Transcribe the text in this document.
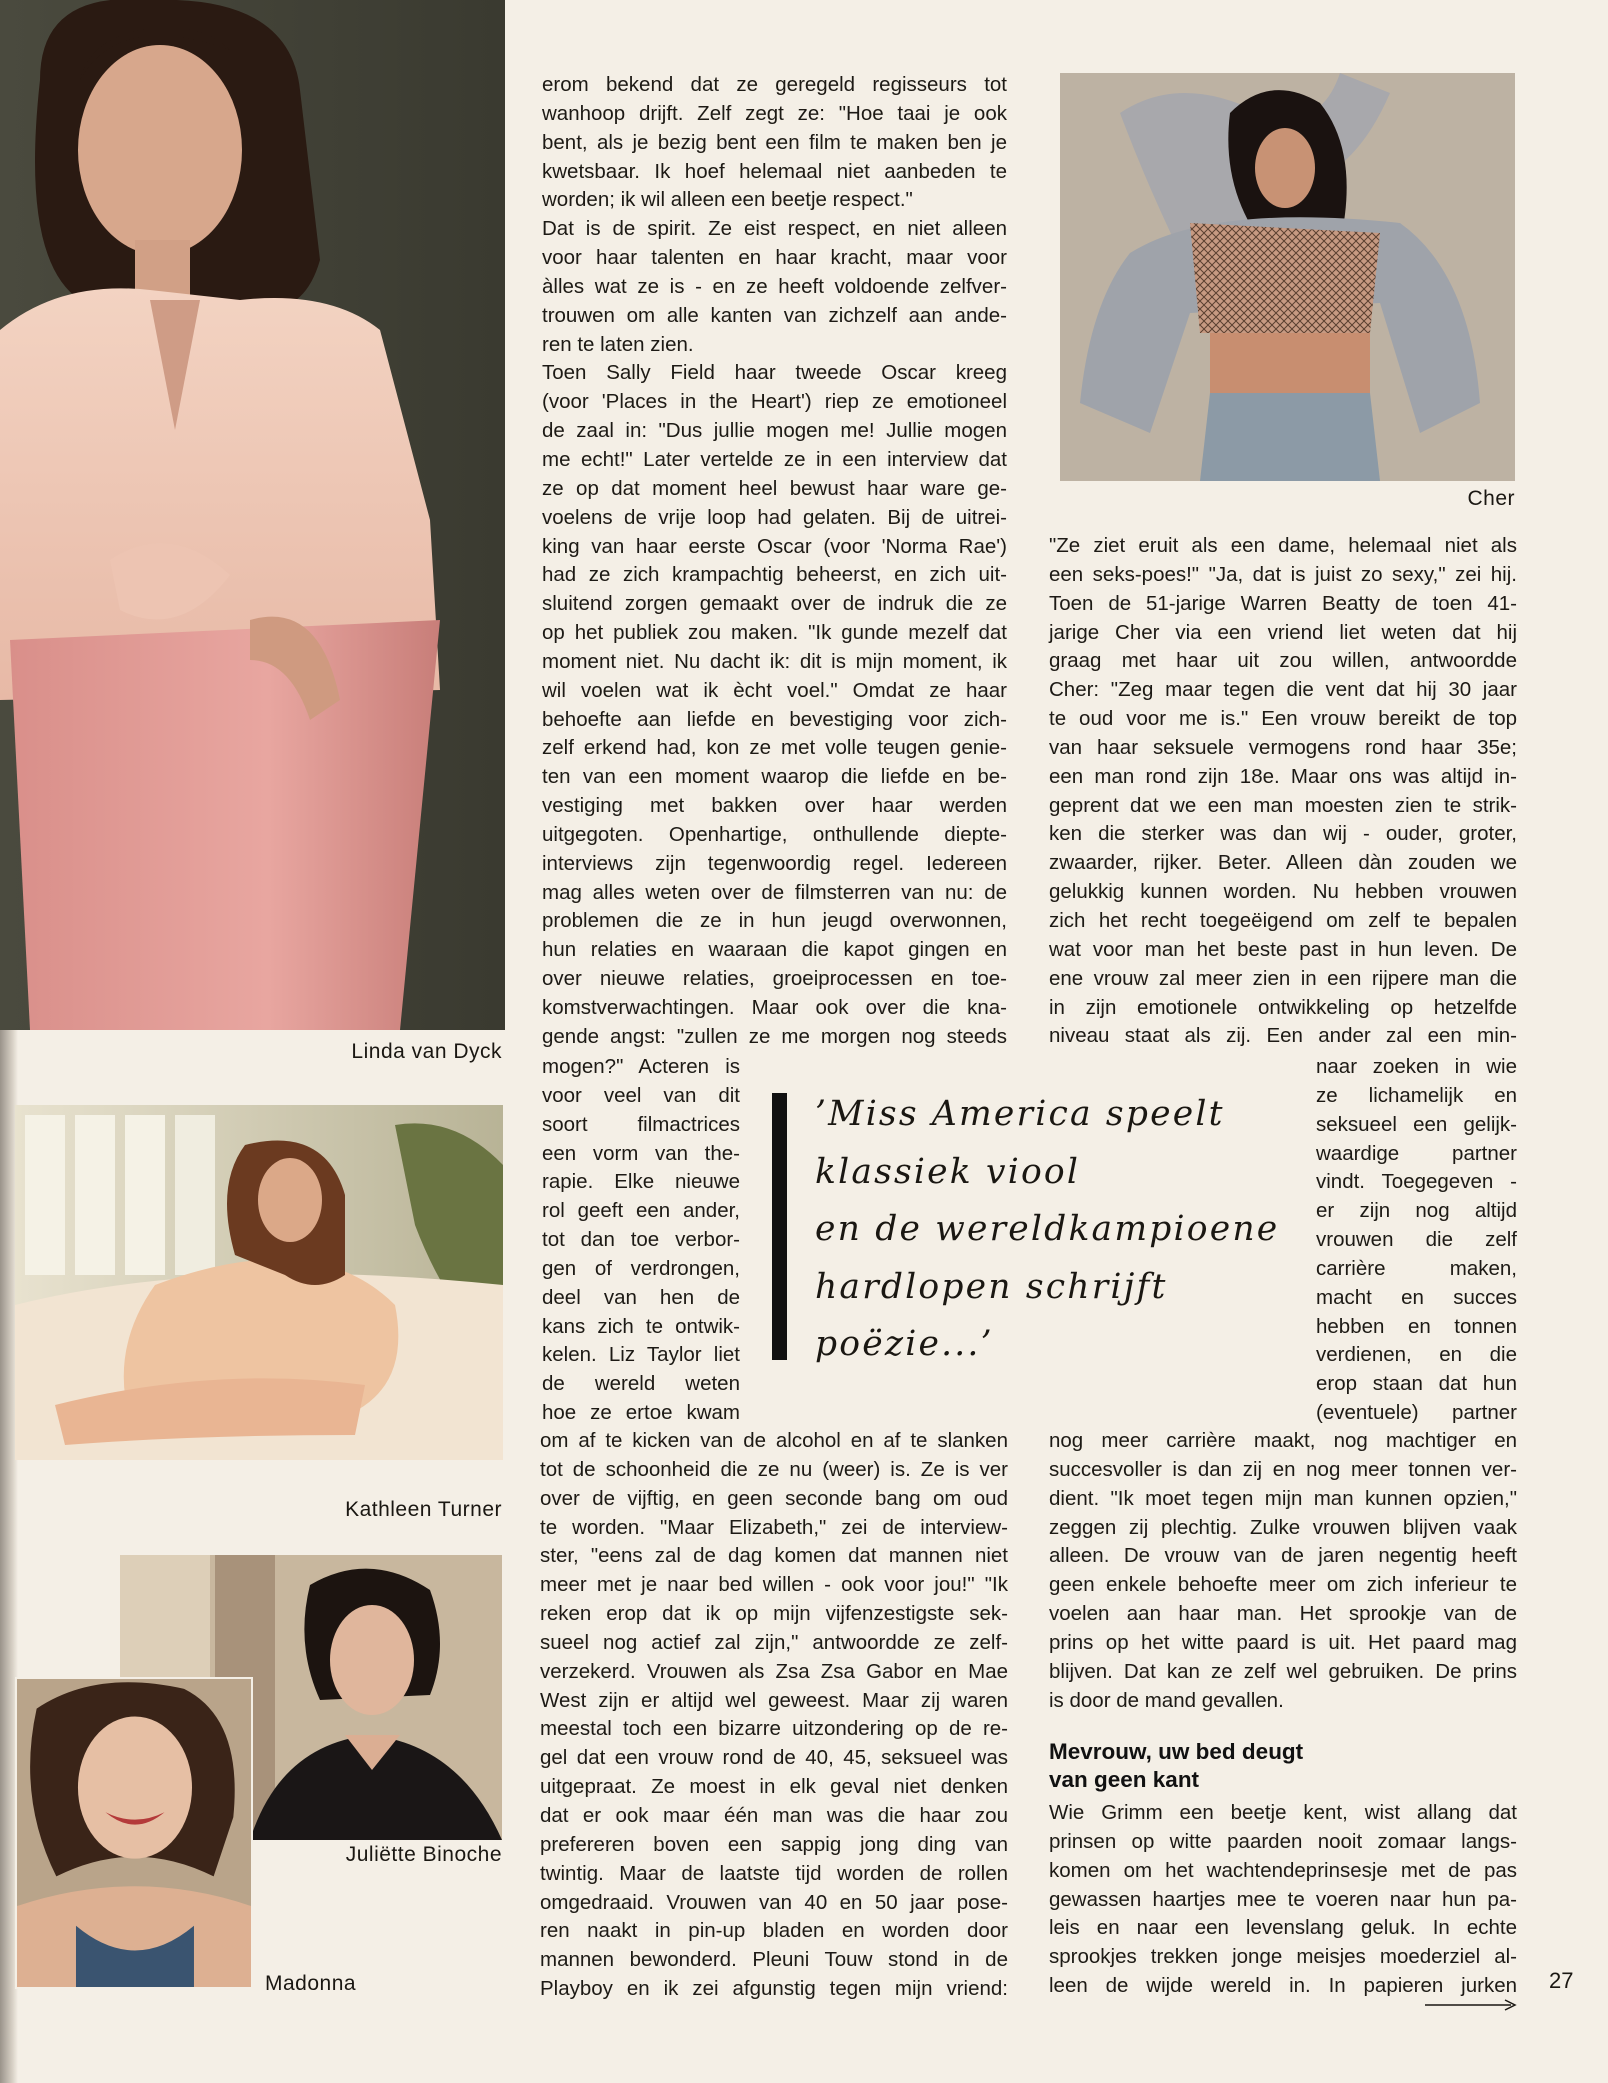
Linda van Dyck
Kathleen Turner
Juliëtte Binoche
Madonna
Cher
erom bekend dat ze geregeld regisseurs tot
wanhoop drijft. Zelf zegt ze: "Hoe taai je ook
bent, als je bezig bent een film te maken ben je
kwetsbaar. Ik hoef helemaal niet aanbeden te
worden; ik wil alleen een beetje respect."
Dat is de spirit. Ze eist respect, en niet alleen
voor haar talenten en haar kracht, maar voor
àlles wat ze is - en ze heeft voldoende zelfver-
trouwen om alle kanten van zichzelf aan ande-
ren te laten zien.
Toen Sally Field haar tweede Oscar kreeg
(voor 'Places in the Heart') riep ze emotioneel
de zaal in: "Dus jullie mogen me! Jullie mogen
me echt!" Later vertelde ze in een interview dat
ze op dat moment heel bewust haar ware ge-
voelens de vrije loop had gelaten. Bij de uitrei-
king van haar eerste Oscar (voor 'Norma Rae')
had ze zich krampachtig beheerst, en zich uit-
sluitend zorgen gemaakt over de indruk die ze
op het publiek zou maken. "Ik gunde mezelf dat
moment niet. Nu dacht ik: dit is mijn moment, ik
wil voelen wat ik ècht voel." Omdat ze haar
behoefte aan liefde en bevestiging voor zich-
zelf erkend had, kon ze met volle teugen genie-
ten van een moment waarop die liefde en be-
vestiging met bakken over haar werden
uitgegoten. Openhartige, onthullende diepte-
interviews zijn tegenwoordig regel. Iedereen
mag alles weten over de filmsterren van nu: de
problemen die ze in hun jeugd overwonnen,
hun relaties en waaraan die kapot gingen en
over nieuwe relaties, groeiprocessen en toe-
komstverwachtingen. Maar ook over die kna-
gende angst: "zullen ze me morgen nog steeds
mogen?" Acteren is
voor veel van dit
soort filmactrices
een vorm van the-
rapie. Elke nieuwe
rol geeft een ander,
tot dan toe verbor-
gen of verdrongen,
deel van hen de
kans zich te ontwik-
kelen. Liz Taylor liet
de wereld weten
hoe ze ertoe kwam
’Miss America speelt
klassiek viool
en de wereldkampioene
hardlopen schrijft
poëzie...’
om af te kicken van de alcohol en af te slanken
tot de schoonheid die ze nu (weer) is. Ze is ver
over de vijftig, en geen seconde bang om oud
te worden. "Maar Elizabeth," zei de interview-
ster, "eens zal de dag komen dat mannen niet
meer met je naar bed willen - ook voor jou!" "Ik
reken erop dat ik op mijn vijfenzestigste sek-
sueel nog actief zal zijn," antwoordde ze zelf-
verzekerd. Vrouwen als Zsa Zsa Gabor en Mae
West zijn er altijd wel geweest. Maar zij waren
meestal toch een bizarre uitzondering op de re-
gel dat een vrouw rond de 40, 45, seksueel was
uitgepraat. Ze moest in elk geval niet denken
dat er ook maar één man was die haar zou
prefereren boven een sappig jong ding van
twintig. Maar de laatste tijd worden de rollen
omgedraaid. Vrouwen van 40 en 50 jaar pose-
ren naakt in pin-up bladen en worden door
mannen bewonderd. Pleuni Touw stond in de
Playboy en ik zei afgunstig tegen mijn vriend:
"Ze ziet eruit als een dame, helemaal niet als
een seks-poes!" "Ja, dat is juist zo sexy," zei hij.
Toen de 51-jarige Warren Beatty de toen 41-
jarige Cher via een vriend liet weten dat hij
graag met haar uit zou willen, antwoordde
Cher: "Zeg maar tegen die vent dat hij 30 jaar
te oud voor me is." Een vrouw bereikt de top
van haar seksuele vermogens rond haar 35e;
een man rond zijn 18e. Maar ons was altijd in-
geprent dat we een man moesten zien te strik-
ken die sterker was dan wij - ouder, groter,
zwaarder, rijker. Beter. Alleen dàn zouden we
gelukkig kunnen worden. Nu hebben vrouwen
zich het recht toegeëigend om zelf te bepalen
wat voor man het beste past in hun leven. De
ene vrouw zal meer zien in een rijpere man die
in zijn emotionele ontwikkeling op hetzelfde
niveau staat als zij. Een ander zal een min-
naar zoeken in wie
ze lichamelijk en
seksueel een gelijk-
waardige partner
vindt. Toegegeven -
er zijn nog altijd
vrouwen die zelf
carrière maken,
macht en succes
hebben en tonnen
verdienen, en die
erop staan dat hun
(eventuele) partner
nog meer carrière maakt, nog machtiger en
succesvoller is dan zij en nog meer tonnen ver-
dient. "Ik moet tegen mijn man kunnen opzien,"
zeggen zij plechtig. Zulke vrouwen blijven vaak
alleen. De vrouw van de jaren negentig heeft
geen enkele behoefte meer om zich inferieur te
voelen aan haar man. Het sprookje van de
prins op het witte paard is uit. Het paard mag
blijven. Dat kan ze zelf wel gebruiken. De prins
is door de mand gevallen.
Mevrouw, uw bed deugt
van geen kant
Wie Grimm een beetje kent, wist allang dat
prinsen op witte paarden nooit zomaar langs-
komen om het wachtendeprinsesje met de pas
gewassen haartjes mee te voeren naar hun pa-
leis en naar een levenslang geluk. In echte
sprookjes trekken jonge meisjes moederziel al-
leen de wijde wereld in. In papieren jurken 27
